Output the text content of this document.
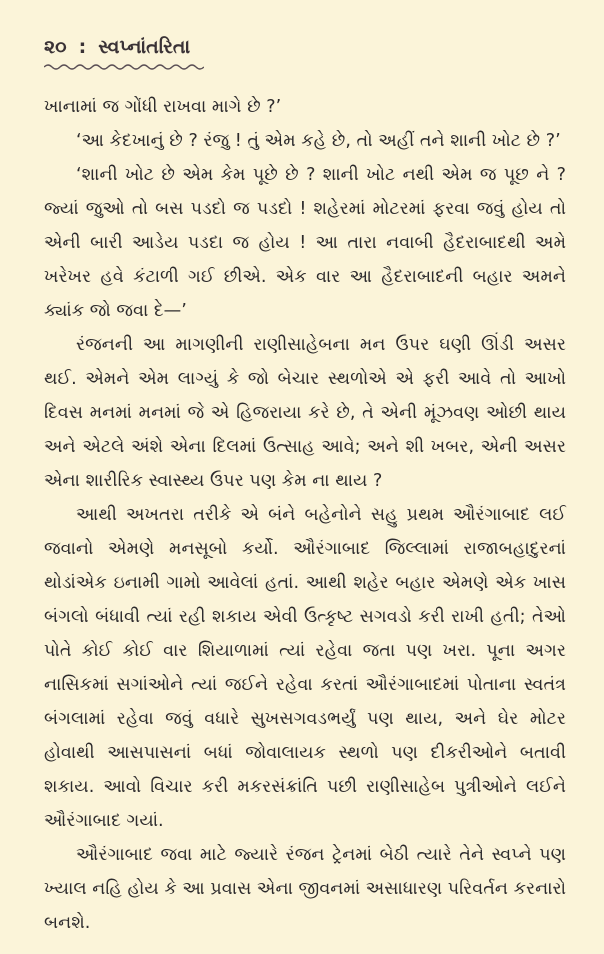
૨૦ : સ્વપ્નાંતરિતા

ખાનામાં જ ગોંધી રાખવા માગે છે ?’

‘આ કેદખાનું છે ? રંજુ ! તું એમ કહે છે, તો અહીં તને શાની ખોટ છે ?’

‘શાની ખોટ છે એમ કેમ પૂછે છે ? શાની ખોટ નથી એમ જ પૂછ ને ? જ્યાં જુઓ તો બસ પડદો જ પડદો ! શહેરમાં મોટરમાં ફરવા જવું હોય તો એની બારી આડેય પડદા જ હોય ! આ તારા નવાબી હૈદરાબાદથી અમે ખરેખર હવે કંટાળી ગઈ છીએ. એક વાર આ હૈદરાબાદની બહાર અમને ક્યાંક જો જવા દે—’

રંજનની આ માગણીની રાણીસાહેબના મન ઉપર ઘણી ઊંડી અસર થઈ. એમને એમ લાગ્યું કે જો બેચાર સ્થળોએ એ ફરી આવે તો આખો દિવસ મનમાં મનમાં જે એ હિજરાયા કરે છે, તે એની મૂંઝવણ ઓછી થાય અને એટલે અંશે એના દિલમાં ઉત્સાહ આવે; અને શી ખબર, એની અસર એના શારીરિક સ્વાસ્થ્ય ઉપર પણ કેમ ના થાય ?

આથી અખતરા તરીકે એ બંને બહેનોને સહુ પ્રથમ ઔરંગાબાદ લઈ જવાનો એમણે મનસૂબો કર્યો. ઔરંગાબાદ જિલ્લામાં રાજાબહાદુરનાં થોડાંએક ઇનામી ગામો આવેલાં હતાં. આથી શહેર બહાર એમણે એક ખાસ બંગલો બંધાવી ત્યાં રહી શકાય એવી ઉત્કૃષ્ટ સગવડો કરી રાખી હતી; તેઓ પોતે કોઈ કોઈ વાર શિયાળામાં ત્યાં રહેવા જતા પણ ખરા. પૂના અગર નાસિકમાં સગાંઓને ત્યાં જઈને રહેવા કરતાં ઔરંગાબાદમાં પોતાના સ્વતંત્ર બંગલામાં રહેવા જવું વધારે સુખસગવડભર્યું પણ થાય, અને ઘેર મોટર હોવાથી આસપાસનાં બધાં જોવાલાયક સ્થળો પણ દીકરીઓને બતાવી શકાય. આવો વિચાર કરી મકરસંક્રાંતિ પછી રાણીસાહેબ પુત્રીઓને લઈને ઔરંગાબાદ ગયાં.

ઔરંગાબાદ જવા માટે જ્યારે રંજન ટ્રેનમાં બેઠી ત્યારે તેને સ્વપ્ને પણ ખ્યાલ નહિ હોય કે આ પ્રવાસ એના જીવનમાં અસાધારણ પરિવર્તન કરનારો બનશે.
